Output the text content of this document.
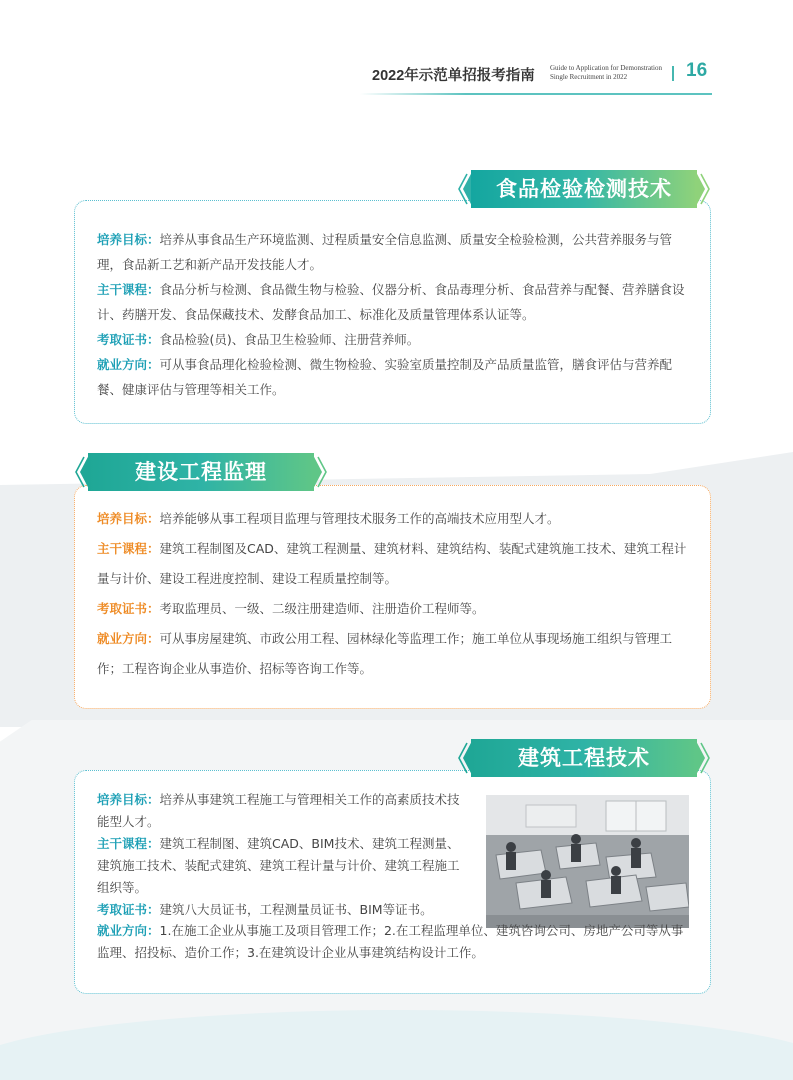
2022年示范单招报考指南 Guide to Application for Demonstration
Single Recruitment in 2022	16
食品检验检测技术

培养目标：培养从事食品生产环境监测、过程质量安全信息监测、质量安全检验检测，公共营养服务与管理，食品新工艺和新产品开发技能人才。

主干课程：食品分析与检测、食品微生物与检验、仪器分析、食品毒理分析、食品营养与配餐、营养膳食设计、药膳开发、食品保藏技术、发酵食品加工、标准化及质量管理体系认证等。

考取证书：食品检验(员)、食品卫生检验师、注册营养师。

就业方向：可从事食品理化检验检测、微生物检验、实验室质量控制及产品质量监管，膳食评估与营养配餐、健康评估与管理等相关工作。

建设工程监理

培养目标：培养能够从事工程项目监理与管理技术服务工作的高端技术应用型人才。

主干课程：建筑工程制图及CAD、建筑工程测量、建筑材料、建筑结构、装配式建筑施工技术、建筑工程计量与计价、建设工程进度控制、建设工程质量控制等。

考取证书：考取监理员、一级、二级注册建造师、注册造价工程师等。

就业方向：可从事房屋建筑、市政公用工程、园林绿化等监理工作；施工单位从事现场施工组织与管理工作；工程咨询企业从事造价、招标等咨询工作等。

建筑工程技术

培养目标：培养从事建筑工程施工与管理相关工作的高素质技术技能型人才。

主干课程：建筑工程制图、建筑CAD、BIM技术、建筑工程测量、建筑施工技术、装配式建筑、建筑工程计量与计价、建筑工程施工组织等。

考取证书：建筑八大员证书，工程测量员证书、BIM等证书。

就业方向：1.在施工企业从事施工及项目管理工作；2.在工程监理单位、建筑咨询公司、房地产公司等从事监理、招投标、造价工作；3.在建筑设计企业从事建筑结构设计工作。
